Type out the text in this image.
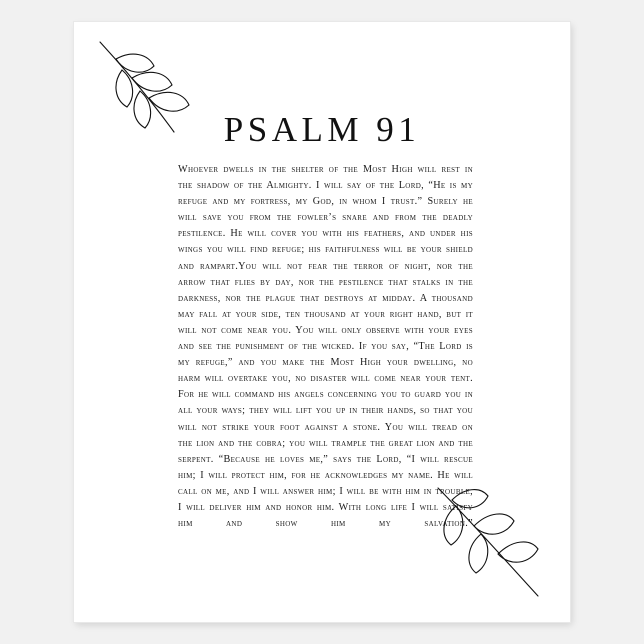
PSALM 91
Whoever dwells in the shelter of the Most High will rest in the shadow of the Almighty. I will say of the Lord, “He is my refuge and my fortress, my God, in whom I trust.” Surely he will save you from the fowler’s snare and from the deadly pestilence. He will cover you with his feathers, and under his wings you will find refuge; his faithfulness will be your shield and rampart.You will not fear the terror of night, nor the arrow that flies by day, nor the pestilence that stalks in the darkness, nor the plague that destroys at midday. A thousand may fall at your side, ten thousand at your right hand, but it will not come near you. You will only observe with your eyes and see the punishment of the wicked. If you say, “The Lord is my refuge,” and you make the Most High your dwelling, no harm will overtake you, no disaster will come near your tent. For he will command his angels concerning you to guard you in all your ways; they will lift you up in their hands, so that you will not strike your foot against a stone. You will tread on the lion and the cobra; you will trample the great lion and the serpent. “Because he loves me,” says the Lord, “I will rescue him; I will protect him, for he acknowledges my name. He will call on me, and I will answer him; I will be with him in trouble, I will deliver him and honor him. With long life I will satisfy him and show him my salvation.”
